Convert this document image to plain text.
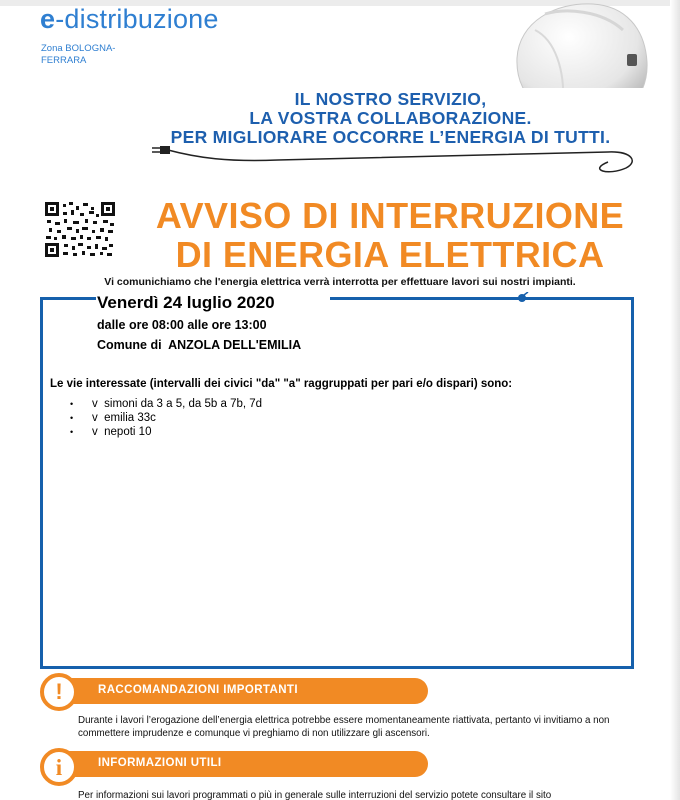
e-distribuzione
Zona BOLOGNA-FERRARA
IL NOSTRO SERVIZIO,
LA VOSTRA COLLABORAZIONE.
PER MIGLIORARE OCCORRE L’ENERGIA DI TUTTI.
AVVISO DI INTERRUZIONE
DI ENERGIA ELETTRICA
Vi comunichiamo che l'energia elettrica verrà interrotta per effettuare lavori sui nostri impianti.
Venerdì 24 luglio 2020
dalle ore 08:00 alle ore 13:00
Comune di  ANZOLA DELL'EMILIA
Le vie interessate (intervalli dei civici "da" "a" raggruppati per pari e/o dispari) sono:
• v  simoni da 3 a 5, da 5b a 7b, 7d
• v  emilia 33c
• v  nepoti 10
!	RACCOMANDAZIONI IMPORTANTI
Durante i lavori l’erogazione dell’energia elettrica potrebbe essere momentaneamente riattivata, pertanto vi invitiamo a non commettere imprudenze e comunque vi preghiamo di non utilizzare gli ascensori.
i	INFORMAZIONI UTILI
Per informazioni sui lavori programmati o più in generale sulle interruzioni del servizio potete consultare il sito
